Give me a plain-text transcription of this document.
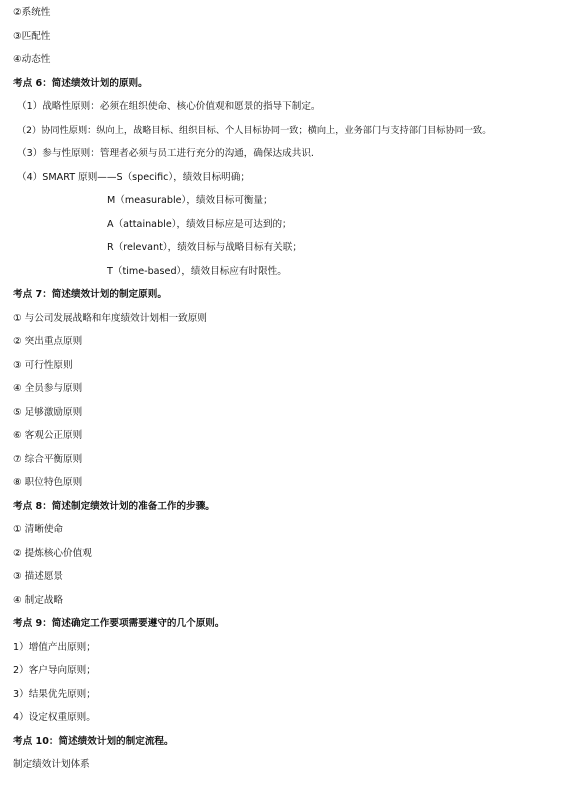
②系统性
③匹配性
④动态性
考点 6：简述绩效计划的原则。
（1）战略性原则：必须在组织使命、核心价值观和愿景的指导下制定。
（2）协同性原则：纵向上，战略目标、组织目标、个人目标协同一致；横向上，业务部门与支持部门目标协同一致。
（3）参与性原则：管理者必须与员工进行充分的沟通，确保达成共识.
（4）SMART 原则——S（specific），绩效目标明确；
M（measurable），绩效目标可衡量；
A（attainable），绩效目标应是可达到的；
R（relevant），绩效目标与战略目标有关联；
T（time-based），绩效目标应有时限性。
考点 7：简述绩效计划的制定原则。
① 与公司发展战略和年度绩效计划相一致原则
② 突出重点原则
③ 可行性原则
④ 全员参与原则
⑤ 足够激励原则
⑥ 客观公正原则
⑦ 综合平衡原则
⑧ 职位特色原则
考点 8：简述制定绩效计划的准备工作的步骤。
① 清晰使命
② 提炼核心价值观
③ 描述愿景
④ 制定战略
考点 9：简述确定工作要项需要遵守的几个原则。
1）增值产出原则；
2）客户导向原则；
3）结果优先原则；
4）设定权重原则。
考点 10：简述绩效计划的制定流程。
制定绩效计划体系
